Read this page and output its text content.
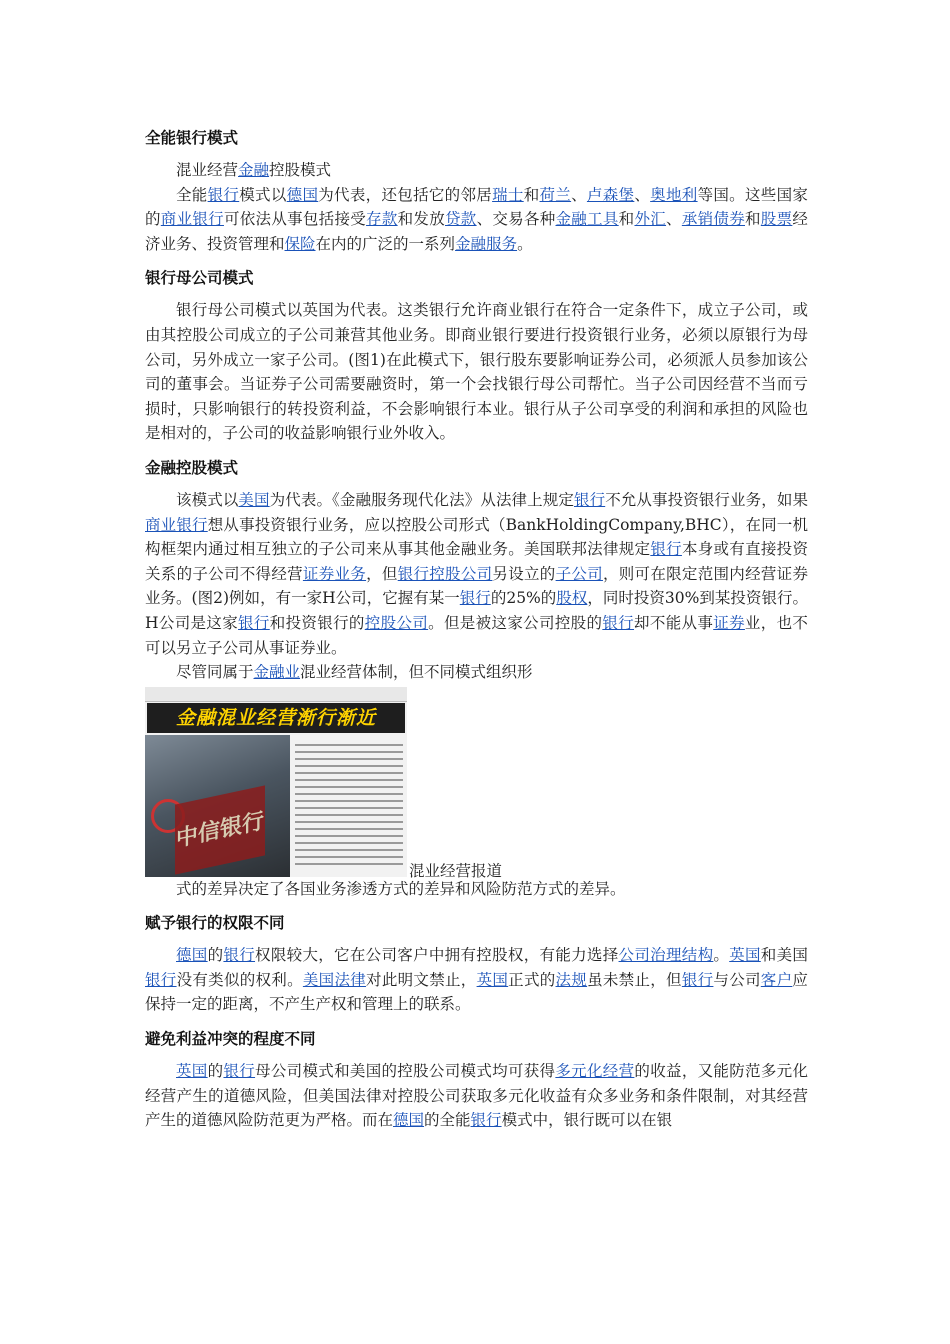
全能银行模式

混业经营金融控股模式

全能银行模式以德国为代表，还包括它的邻居瑞士和荷兰、卢森堡、奥地利等国。这些国家的商业银行可依法从事包括接受存款和发放贷款、交易各种金融工具和外汇、承销债券和股票经济业务、投资管理和保险在内的广泛的一系列金融服务。

银行母公司模式

银行母公司模式以英国为代表。这类银行允许商业银行在符合一定条件下，成立子公司，或由其控股公司成立的子公司兼营其他业务。即商业银行要进行投资银行业务，必须以原银行为母公司，另外成立一家子公司。(图1)在此模式下，银行股东要影响证券公司，必须派人员参加该公司的董事会。当证券子公司需要融资时，第一个会找银行母公司帮忙。当子公司因经营不当而亏损时，只影响银行的转投资利益，不会影响银行本业。银行从子公司享受的利润和承担的风险也是相对的，子公司的收益影响银行业外收入。

金融控股模式

该模式以美国为代表。《金融服务现代化法》从法律上规定银行不允从事投资银行业务，如果商业银行想从事投资银行业务，应以控股公司形式（BankHoldingCompany,BHC），在同一机构框架内通过相互独立的子公司来从事其他金融业务。美国联邦法律规定银行本身或有直接投资关系的子公司不得经营证券业务，但银行控股公司另设立的子公司，则可在限定范围内经营证券业务。(图2)例如，有一家H公司，它握有某一银行的25%的股权，同时投资30%到某投资银行。H公司是这家银行和投资银行的控股公司。但是被这家公司控股的银行却不能从事证券业，也不可以另立子公司从事证券业。

尽管同属于金融业混业经营体制，但不同模式组织形

金融混业经营渐行渐近
中信银行
混业经营报道

式的差异决定了各国业务渗透方式的差异和风险防范方式的差异。

赋予银行的权限不同

德国的银行权限较大，它在公司客户中拥有控股权，有能力选择公司治理结构。英国和美国银行没有类似的权利。美国法律对此明文禁止，英国正式的法规虽未禁止，但银行与公司客户应保持一定的距离，不产生产权和管理上的联系。

避免利益冲突的程度不同

英国的银行母公司模式和美国的控股公司模式均可获得多元化经营的收益，又能防范多元化经营产生的道德风险，但美国法律对控股公司获取多元化收益有众多业务和条件限制，对其经营产生的道德风险防范更为严格。而在德国的全能银行模式中，银行既可以在银
